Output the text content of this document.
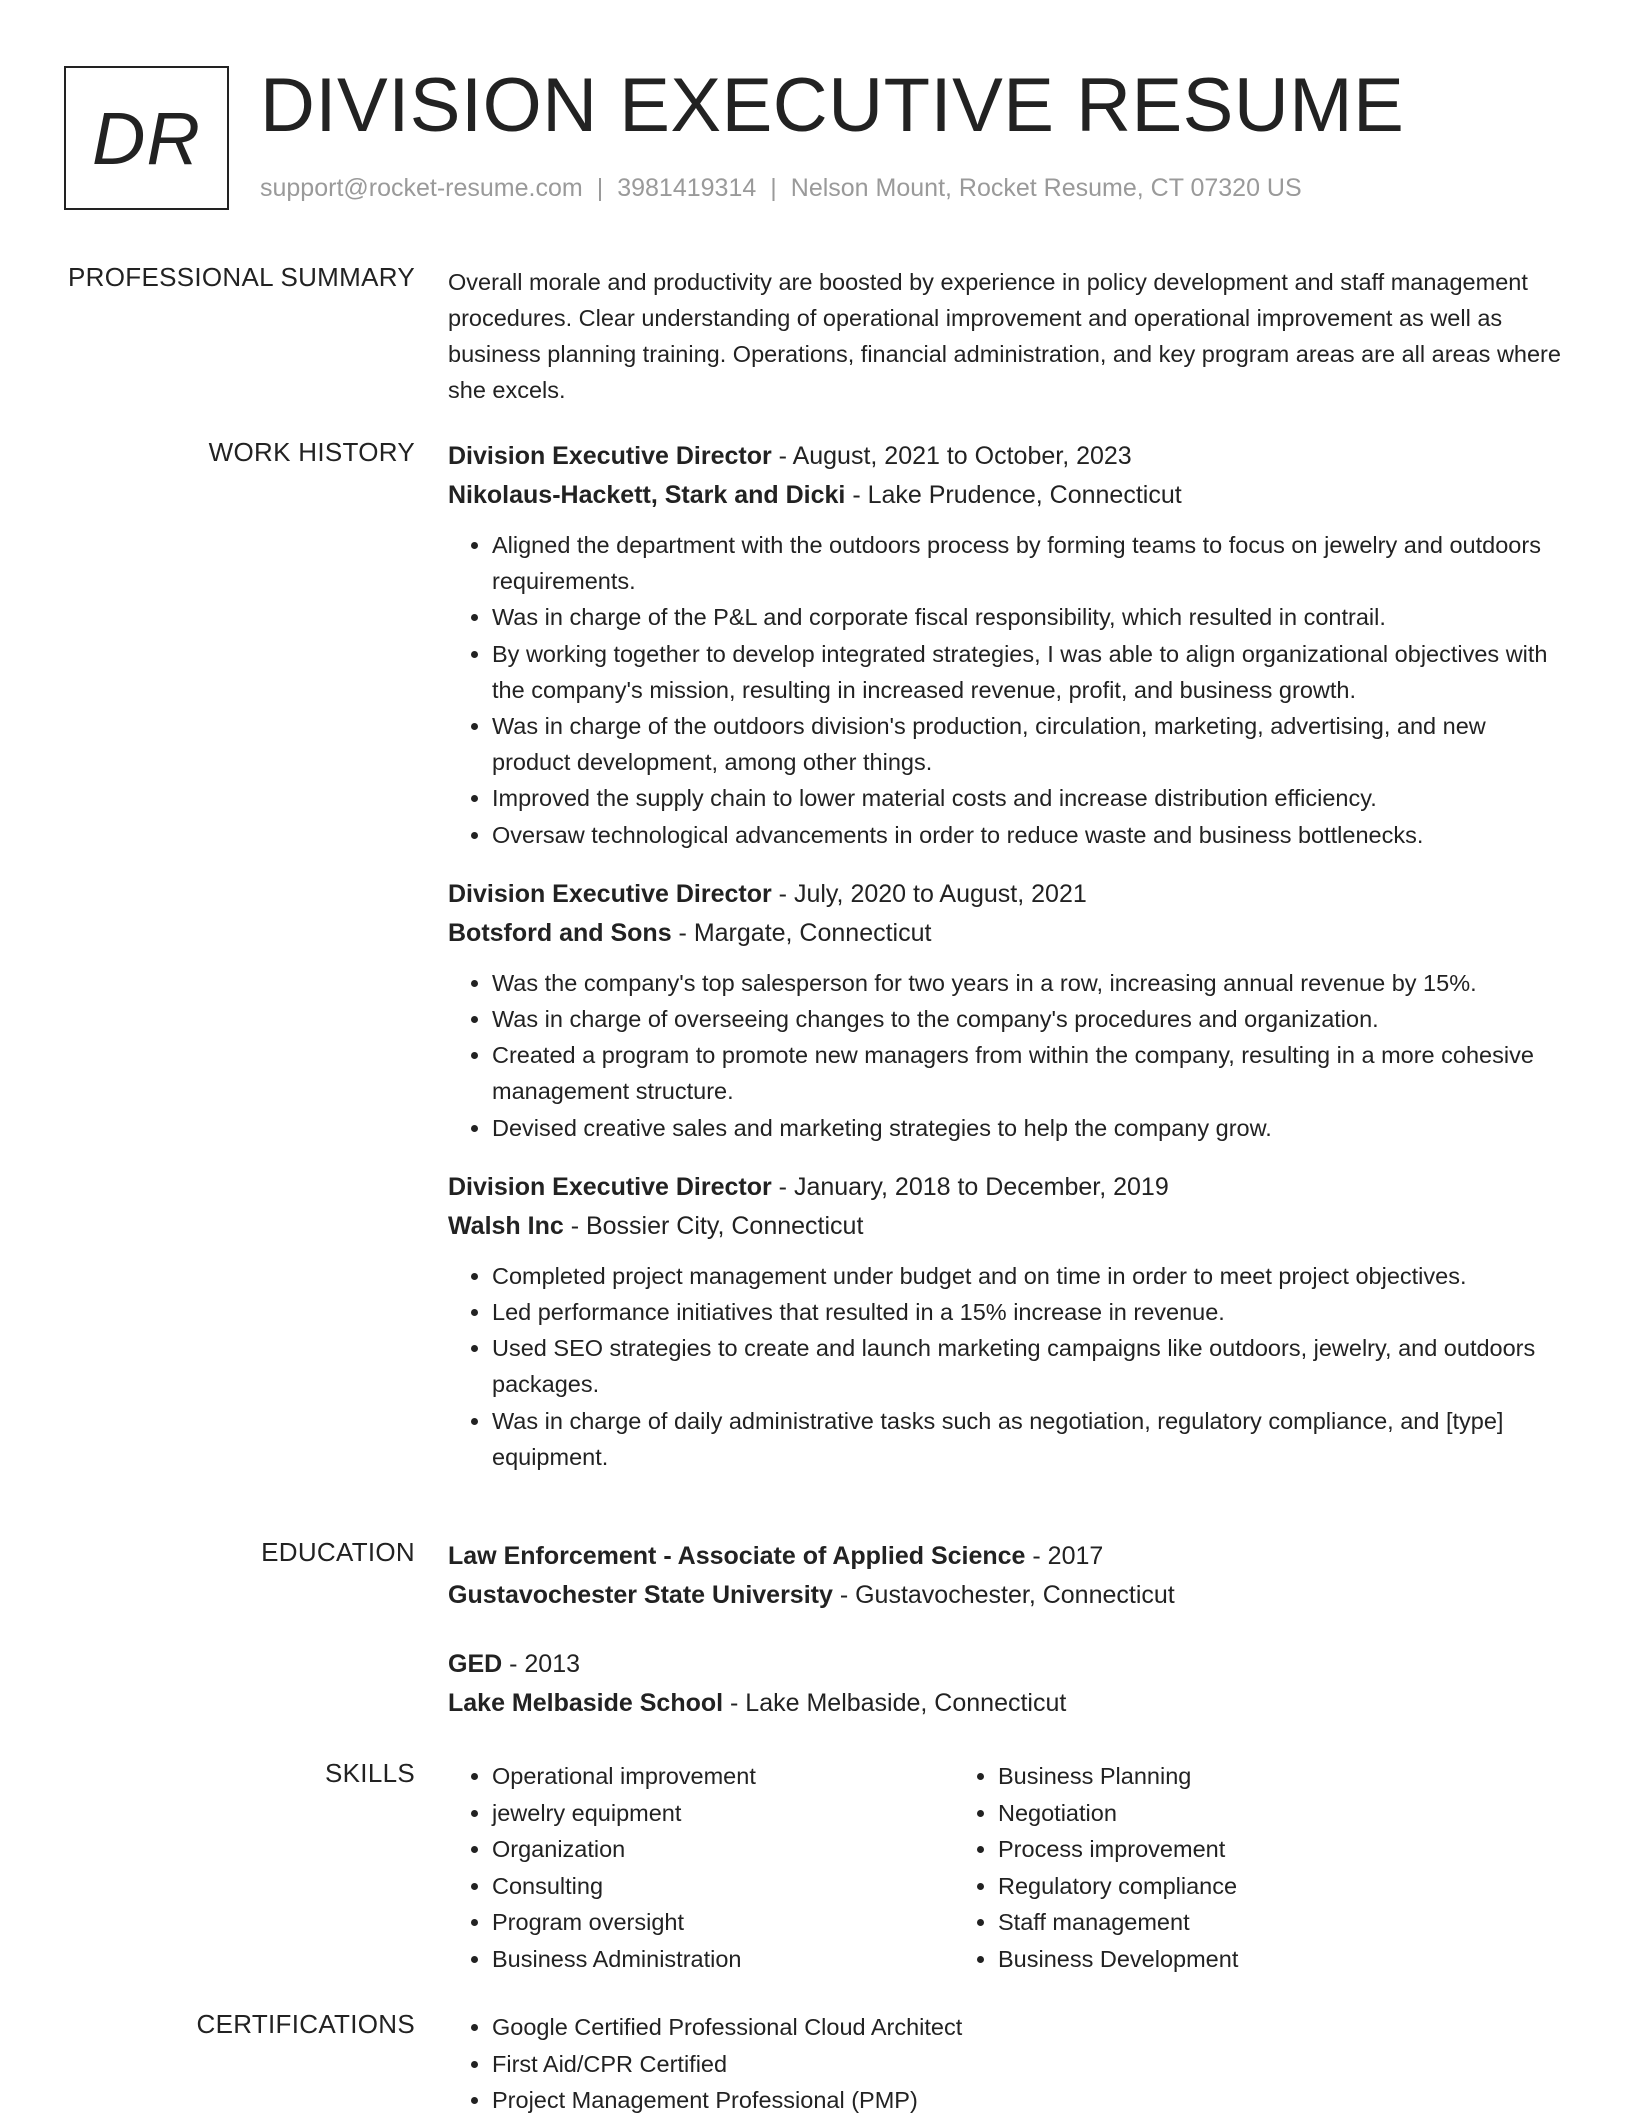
DR DIVISION EXECUTIVE RESUME
support@rocket-resume.com | 3981419314 | Nelson Mount, Rocket Resume, CT 07320 US
PROFESSIONAL SUMMARY Overall morale and productivity are boosted by experience in policy development and staff management procedures. Clear understanding of operational improvement and operational improvement as well as business planning training. Operations, financial administration, and key program areas are all areas where she excels.

WORK HISTORY Division Executive Director - August, 2021 to October, 2023
Nikolaus-Hackett, Stark and Dicki - Lake Prudence, Connecticut
• Aligned the department with the outdoors process by forming teams to focus on jewelry and outdoors requirements.
• Was in charge of the P&L and corporate fiscal responsibility, which resulted in contrail.
• By working together to develop integrated strategies, I was able to align organizational objectives with the company's mission, resulting in increased revenue, profit, and business growth.
• Was in charge of the outdoors division's production, circulation, marketing, advertising, and new product development, among other things.
• Improved the supply chain to lower material costs and increase distribution efficiency.
• Oversaw technological advancements in order to reduce waste and business bottlenecks.
Division Executive Director - July, 2020 to August, 2021
Botsford and Sons - Margate, Connecticut
• Was the company's top salesperson for two years in a row, increasing annual revenue by 15%.
• Was in charge of overseeing changes to the company's procedures and organization.
• Created a program to promote new managers from within the company, resulting in a more cohesive management structure.
• Devised creative sales and marketing strategies to help the company grow.
Division Executive Director - January, 2018 to December, 2019
Walsh Inc - Bossier City, Connecticut
• Completed project management under budget and on time in order to meet project objectives.
• Led performance initiatives that resulted in a 15% increase in revenue.
• Used SEO strategies to create and launch marketing campaigns like outdoors, jewelry, and outdoors packages.
• Was in charge of daily administrative tasks such as negotiation, regulatory compliance, and [type] equipment.
EDUCATION Law Enforcement - Associate of Applied Science - 2017
Gustavochester State University - Gustavochester, Connecticut
GED - 2013
Lake Melbaside School - Lake Melbaside, Connecticut
SKILLS	• Operational improvement
• jewelry equipment
• Organization
• Consulting
• Program oversight
• Business Administration
• Business Planning
• Negotiation
• Process improvement
• Regulatory compliance
• Staff management
• Business Development
CERTIFICATIONS	• Google Certified Professional Cloud Architect
• First Aid/CPR Certified
• Project Management Professional (PMP)
